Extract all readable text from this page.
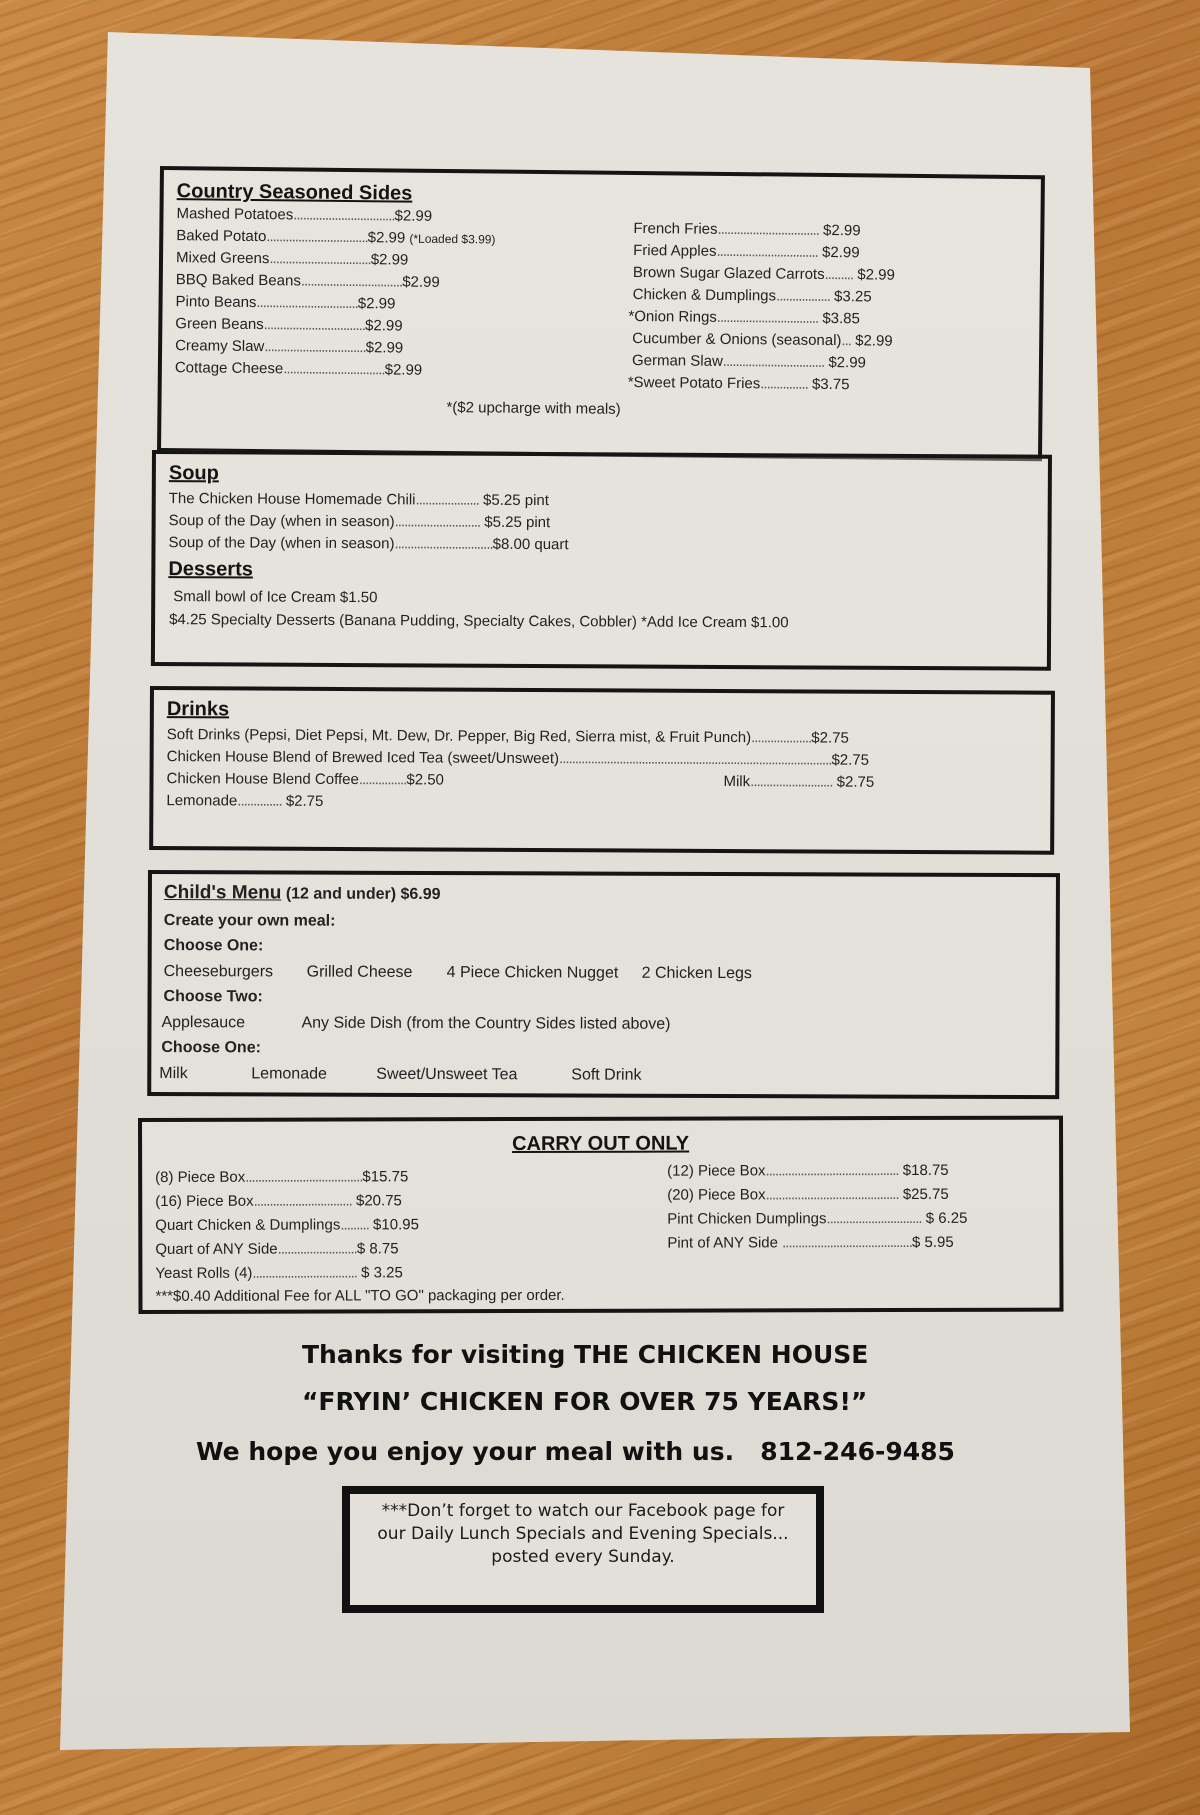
Country Seasoned Sides
Mashed Potatoes................................$2.99
Baked Potato................................$2.99 (*Loaded $3.99)
Mixed Greens................................$2.99
BBQ Baked Beans................................$2.99
Pinto Beans................................$2.99
Green Beans................................$2.99
Creamy Slaw................................$2.99
Cottage Cheese................................$2.99
French Fries................................ $2.99
Fried Apples................................ $2.99
Brown Sugar Glazed Carrots......... $2.99
Chicken & Dumplings................. $3.25
*Onion Rings................................ $3.85
Cucumber & Onions (seasonal)... $2.99
German Slaw................................ $2.99
*Sweet Potato Fries............... $3.75
*($2 upcharge with meals)
Soup
The Chicken House Homemade Chili.................... $5.25 pint
Soup of the Day (when in season)........................... $5.25 pint
Soup of the Day (when in season)...............................$8.00 quart
Desserts
Small bowl of Ice Cream $1.50
$4.25 Specialty Desserts (Banana Pudding, Specialty Cakes, Cobbler) *Add Ice Cream $1.00
Drinks
Soft Drinks (Pepsi, Diet Pepsi, Mt. Dew, Dr. Pepper, Big Red, Sierra mist, & Fruit Punch)...................$2.75
Chicken House Blend of Brewed Iced Tea (sweet/Unsweet)......................................................................................$2.75
Chicken House Blend Coffee...............$2.50	Milk.......................... $2.75
Lemonade.............. $2.75
Child's Menu (12 and under) $6.99
Create your own meal:
Choose One:
Cheeseburgers Grilled Cheese 4 Piece Chicken Nugget 2 Chicken Legs
Choose Two:
Applesauce	Any Side Dish (from the Country Sides listed above)
Choose One:
Milk	Lemonade	Sweet/Unsweet Tea	Soft Drink
CARRY OUT ONLY
(8) Piece Box.....................................$15.75
(16) Piece Box............................... $20.75
Quart Chicken & Dumplings......... $10.95
Quart of ANY Side.........................$ 8.75
Yeast Rolls (4)................................. $ 3.25
(12) Piece Box.......................................... $18.75
(20) Piece Box.......................................... $25.75
Pint Chicken Dumplings.............................. $ 6.25
Pint of ANY Side .........................................$ 5.95
***$0.40 Additional Fee for ALL "TO GO" packaging per order.
Thanks for visiting THE CHICKEN HOUSE
“FRYIN’ CHICKEN FOR OVER 75 YEARS!”
We hope you enjoy your meal with us. 812-246-9485
***Don’t forget to watch our Facebook page for
our Daily Lunch Specials and Evening Specials...
posted every Sunday.
